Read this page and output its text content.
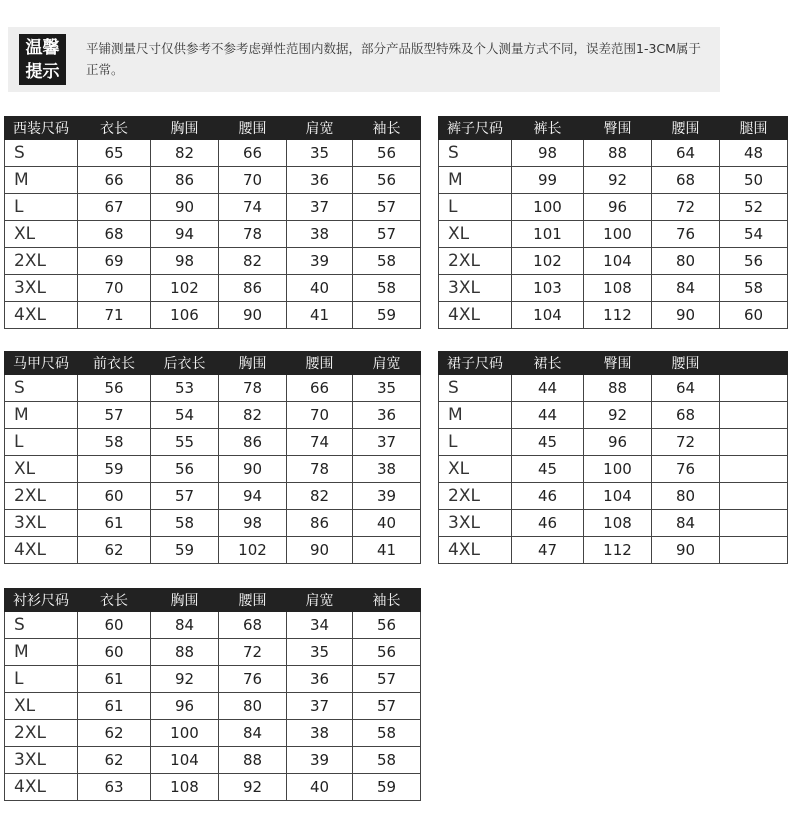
温馨
提示
平铺测量尺寸仅供参考不参考虑弹性范围内数据，部分产品版型特殊及个人测量方式不同，误差范围1-3CM属于正常。
西装尺码	衣长	胸围	腰围	肩宽	袖长
S	65	82	66	35	56
M	66	86	70	36	56
L	67	90	74	37	57
XL	68	94	78	38	57
2XL	69	98	82	39	58
3XL	70	102	86	40	58
4XL	71	106	90	41	59
裤子尺码	裤长	臀围	腰围	腿围
S	98	88	64	48
M	99	92	68	50
L	100	96	72	52
XL	101	100	76	54
2XL	102	104	80	56
3XL	103	108	84	58
4XL	104	112	90	60
马甲尺码	前衣长	后衣长	胸围	腰围	肩宽
S	56	53	78	66	35
M	57	54	82	70	36
L	58	55	86	74	37
XL	59	56	90	78	38
2XL	60	57	94	82	39
3XL	61	58	98	86	40
4XL	62	59	102	90	41
裙子尺码	裙长	臀围	腰围	
S	44	88	64	
M	44	92	68	
L	45	96	72	
XL	45	100	76	
2XL	46	104	80	
3XL	46	108	84	
4XL	47	112	90	
衬衫尺码	衣长	胸围	腰围	肩宽	袖长
S	60	84	68	34	56
M	60	88	72	35	56
L	61	92	76	36	57
XL	61	96	80	37	57
2XL	62	100	84	38	58
3XL	62	104	88	39	58
4XL	63	108	92	40	59
